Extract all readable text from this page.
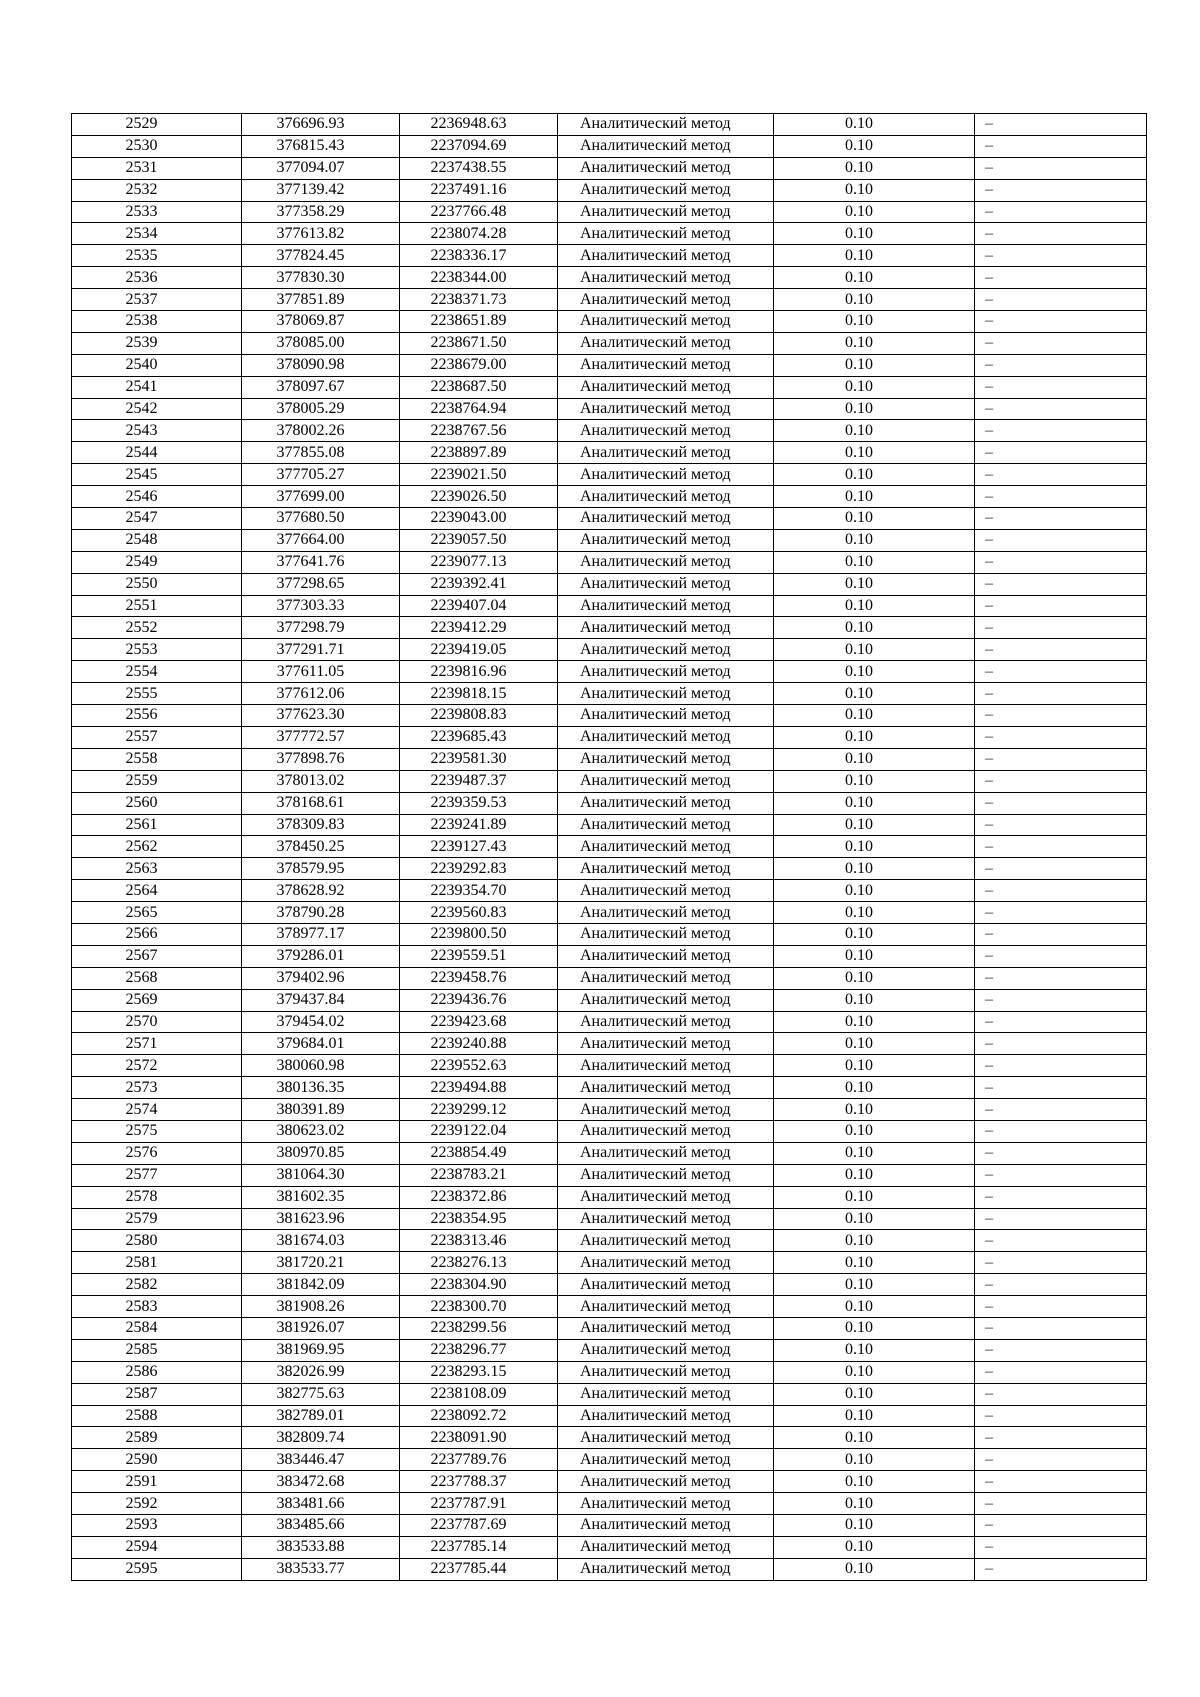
2529	376696.93	2236948.63	Аналитический метод	0.10	–
2530	376815.43	2237094.69	Аналитический метод	0.10	–
2531	377094.07	2237438.55	Аналитический метод	0.10	–
2532	377139.42	2237491.16	Аналитический метод	0.10	–
2533	377358.29	2237766.48	Аналитический метод	0.10	–
2534	377613.82	2238074.28	Аналитический метод	0.10	–
2535	377824.45	2238336.17	Аналитический метод	0.10	–
2536	377830.30	2238344.00	Аналитический метод	0.10	–
2537	377851.89	2238371.73	Аналитический метод	0.10	–
2538	378069.87	2238651.89	Аналитический метод	0.10	–
2539	378085.00	2238671.50	Аналитический метод	0.10	–
2540	378090.98	2238679.00	Аналитический метод	0.10	–
2541	378097.67	2238687.50	Аналитический метод	0.10	–
2542	378005.29	2238764.94	Аналитический метод	0.10	–
2543	378002.26	2238767.56	Аналитический метод	0.10	–
2544	377855.08	2238897.89	Аналитический метод	0.10	–
2545	377705.27	2239021.50	Аналитический метод	0.10	–
2546	377699.00	2239026.50	Аналитический метод	0.10	–
2547	377680.50	2239043.00	Аналитический метод	0.10	–
2548	377664.00	2239057.50	Аналитический метод	0.10	–
2549	377641.76	2239077.13	Аналитический метод	0.10	–
2550	377298.65	2239392.41	Аналитический метод	0.10	–
2551	377303.33	2239407.04	Аналитический метод	0.10	–
2552	377298.79	2239412.29	Аналитический метод	0.10	–
2553	377291.71	2239419.05	Аналитический метод	0.10	–
2554	377611.05	2239816.96	Аналитический метод	0.10	–
2555	377612.06	2239818.15	Аналитический метод	0.10	–
2556	377623.30	2239808.83	Аналитический метод	0.10	–
2557	377772.57	2239685.43	Аналитический метод	0.10	–
2558	377898.76	2239581.30	Аналитический метод	0.10	–
2559	378013.02	2239487.37	Аналитический метод	0.10	–
2560	378168.61	2239359.53	Аналитический метод	0.10	–
2561	378309.83	2239241.89	Аналитический метод	0.10	–
2562	378450.25	2239127.43	Аналитический метод	0.10	–
2563	378579.95	2239292.83	Аналитический метод	0.10	–
2564	378628.92	2239354.70	Аналитический метод	0.10	–
2565	378790.28	2239560.83	Аналитический метод	0.10	–
2566	378977.17	2239800.50	Аналитический метод	0.10	–
2567	379286.01	2239559.51	Аналитический метод	0.10	–
2568	379402.96	2239458.76	Аналитический метод	0.10	–
2569	379437.84	2239436.76	Аналитический метод	0.10	–
2570	379454.02	2239423.68	Аналитический метод	0.10	–
2571	379684.01	2239240.88	Аналитический метод	0.10	–
2572	380060.98	2239552.63	Аналитический метод	0.10	–
2573	380136.35	2239494.88	Аналитический метод	0.10	–
2574	380391.89	2239299.12	Аналитический метод	0.10	–
2575	380623.02	2239122.04	Аналитический метод	0.10	–
2576	380970.85	2238854.49	Аналитический метод	0.10	–
2577	381064.30	2238783.21	Аналитический метод	0.10	–
2578	381602.35	2238372.86	Аналитический метод	0.10	–
2579	381623.96	2238354.95	Аналитический метод	0.10	–
2580	381674.03	2238313.46	Аналитический метод	0.10	–
2581	381720.21	2238276.13	Аналитический метод	0.10	–
2582	381842.09	2238304.90	Аналитический метод	0.10	–
2583	381908.26	2238300.70	Аналитический метод	0.10	–
2584	381926.07	2238299.56	Аналитический метод	0.10	–
2585	381969.95	2238296.77	Аналитический метод	0.10	–
2586	382026.99	2238293.15	Аналитический метод	0.10	–
2587	382775.63	2238108.09	Аналитический метод	0.10	–
2588	382789.01	2238092.72	Аналитический метод	0.10	–
2589	382809.74	2238091.90	Аналитический метод	0.10	–
2590	383446.47	2237789.76	Аналитический метод	0.10	–
2591	383472.68	2237788.37	Аналитический метод	0.10	–
2592	383481.66	2237787.91	Аналитический метод	0.10	–
2593	383485.66	2237787.69	Аналитический метод	0.10	–
2594	383533.88	2237785.14	Аналитический метод	0.10	–
2595	383533.77	2237785.44	Аналитический метод	0.10	–
